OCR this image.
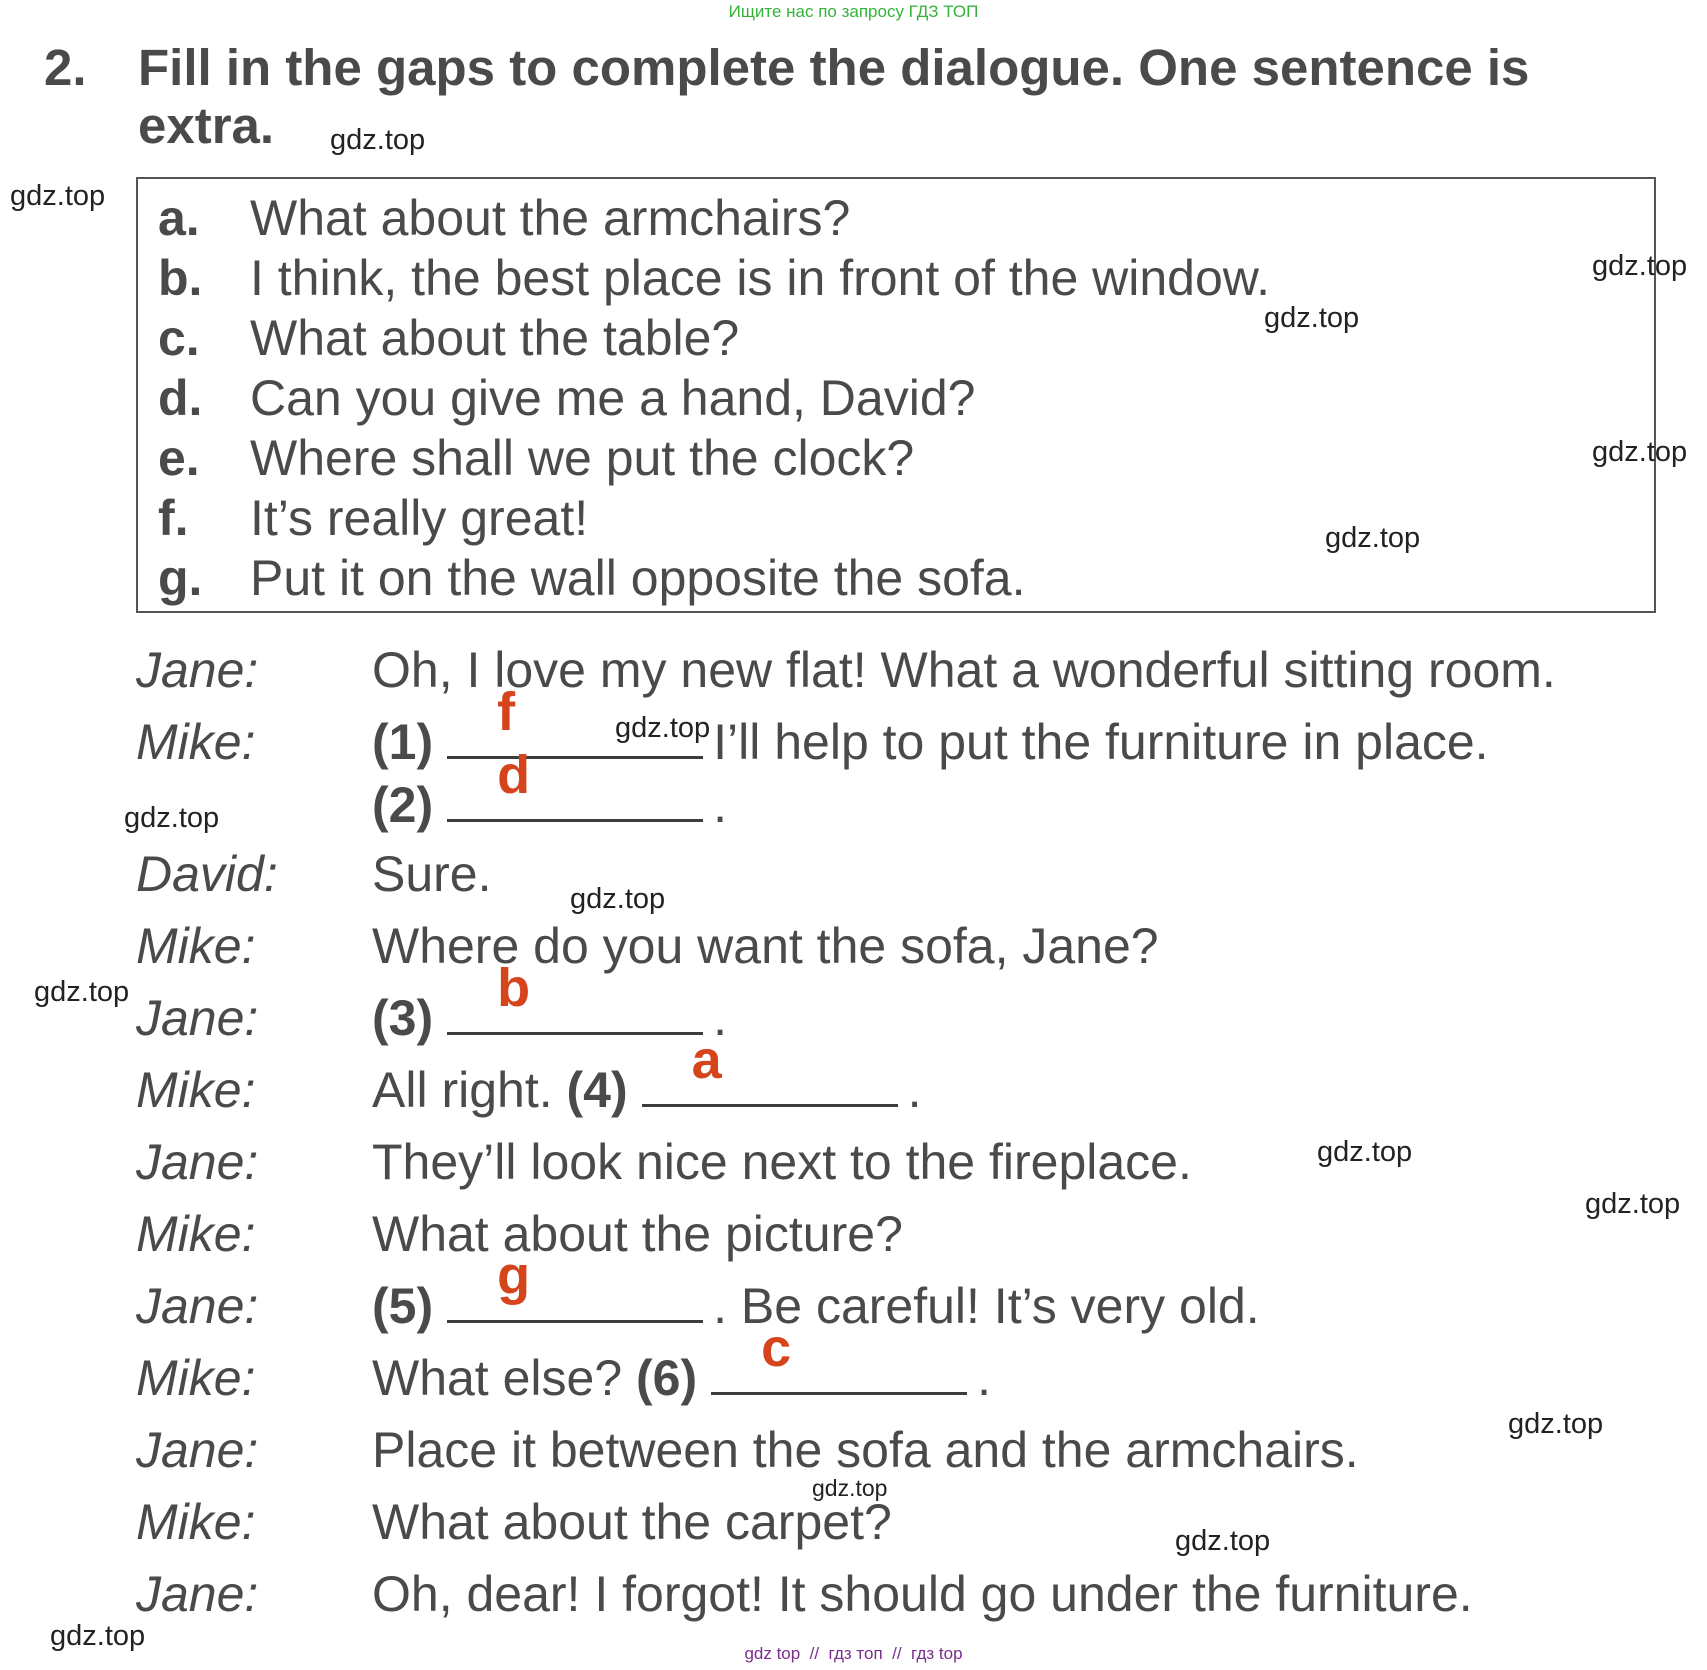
Ищите нас по запросу ГДЗ ТОП
2. Fill in the gaps to complete the dialogue. One sentence is
extra.
a. What about the armchairs?
b. I think, the best place is in front of the window.
c. What about the table?
d. Can you give me a hand, David?
e. Where shall we put the clock?
f. It’s really great!
g. Put it on the wall opposite the sofa.
Jane: Oh, I love my new flat! What a wonderful sitting room.
Mike: (1) f	I’ll help to put the furniture in place.
(2) d	.
David: Sure.
Mike: Where do you want the sofa, Jane?
Jane: (3) b	.
Mike: All right. (4) a	.
Jane: They’ll look nice next to the fireplace.
Mike: What about the picture?
Jane: (5) g	. Be careful! It’s very old.
Mike: What else? (6) c	.
Jane: Place it between the sofa and the armchairs.
Mike: What about the carpet?
Jane: Oh, dear! I forgot! It should go under the furniture.
gdz.top
gdz.top
gdz.top
gdz.top
gdz.top
gdz.top
gdz.top
gdz.top
gdz.top
gdz.top
gdz.top
gdz.top
gdz.top
gdz.top
gdz.top
gdz.top
gdz top  //  гдз топ  //  гдз top
